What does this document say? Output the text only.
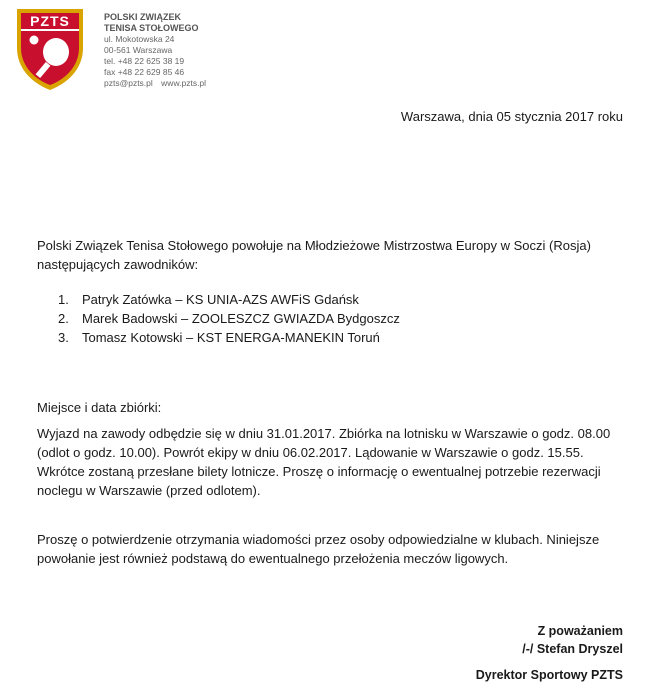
PZTS	POLSKI ZWIĄZEK
TENISA STOŁOWEGO
ul. Mokotowska 24
00-561 Warszawa
tel. +48 22 625 38 19
fax +48 22 629 85 46
pzts@pzts.pl www.pzts.pl
Warszawa, dnia 05 stycznia 2017 roku
Polski Związek Tenisa Stołowego powołuje na Młodzieżowe Mistrzostwa Europy w Soczi (Rosja) następujących zawodników:
1.	Patryk Zatówka – KS UNIA-AZS AWFiS Gdańsk
2.	Marek Badowski – ZOOLESZCZ GWIAZDA Bydgoszcz
3.	Tomasz Kotowski – KST ENERGA-MANEKIN Toruń
Miejsce i data zbiórki:
Wyjazd na zawody odbędzie się w dniu 31.01.2017. Zbiórka na lotnisku w Warszawie o godz. 08.00 (odlot o godz. 10.00). Powrót ekipy w dniu 06.02.2017. Lądowanie w Warszawie o godz. 15.55. Wkrótce zostaną przesłane bilety lotnicze. Proszę o informację o ewentualnej potrzebie rezerwacji noclegu w Warszawie (przed odlotem).
Proszę o potwierdzenie otrzymania wiadomości przez osoby odpowiedzialne w klubach. Niniejsze powołanie jest również podstawą do ewentualnego przełożenia meczów ligowych.
Z poważaniem
/-/ Stefan Dryszel
Dyrektor Sportowy PZTS
